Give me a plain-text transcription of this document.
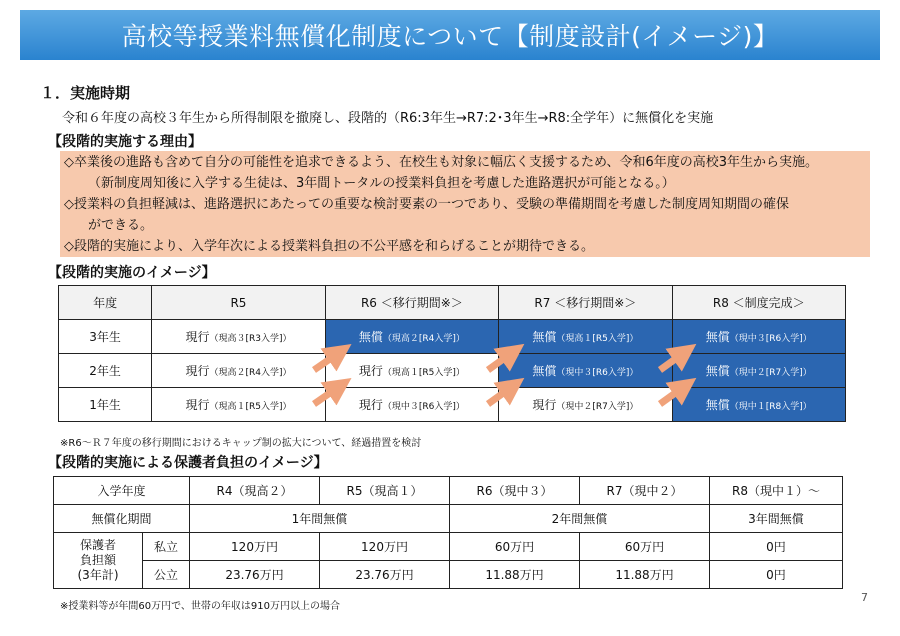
高校等授業料無償化制度について【制度設計(イメージ)】
１．実施時期
令和６年度の高校３年生から所得制限を撤廃し、段階的（R6:3年生→R7:2･3年生→R8:全学年）に無償化を実施
【段階的実施する理由】
◇卒業後の進路も含めて自分の可能性を追求できるよう、在校生も対象に幅広く支援するため、令和6年度の高校3年生から実施。
（新制度周知後に入学する生徒は、3年間トータルの授業料負担を考慮した進路選択が可能となる。）
◇授業料の負担軽減は、進路選択にあたっての重要な検討要素の一つであり、受験の準備期間を考慮した制度周知期間の確保
ができる。
◇段階的実施により、入学年次による授業料負担の不公平感を和らげることが期待できる。
【段階的実施のイメージ】
年度	R5	R6 ＜移行期間※＞	R7 ＜移行期間※＞	R8 ＜制度完成＞
3年生	現行（現高３[R3入学]）	無償（現高２[R4入学]）	無償（現高１[R5入学]）	無償（現中３[R6入学]）
2年生	現行（現高２[R4入学]）	現行（現高１[R5入学]）	無償（現中３[R6入学]）	無償（現中２[R7入学]）
1年生	現行（現高１[R5入学]）	現行（現中３[R6入学]）	現行（現中２[R7入学]）	無償（現中１[R8入学]）
※R6～Ｒ７年度の移行期間におけるキャップ制の拡大について、経過措置を検討
【段階的実施による保護者負担のイメージ】
入学年度		R4（現高２）	R5（現高１）	R6（現中３）	R7（現中２）	R8（現中１）～
無償化期間		1年間無償		2年間無償		3年間無償

保護者
負担額
(3年計)	私立	120万円	120万円	60万円	60万円	0円
	公立	23.76万円	23.76万円	11.88万円	11.88万円	0円
※授業料等が年間60万円で、世帯の年収は910万円以上の場合
7
